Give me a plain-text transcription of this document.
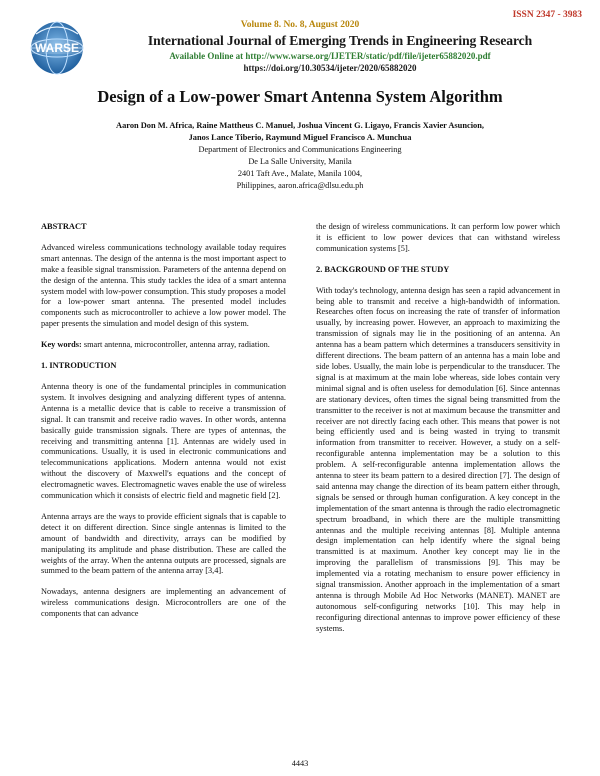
ISSN 2347 - 3983
WARSE
Volume 8. No. 8, August 2020
International Journal of Emerging Trends in Engineering Research
Available Online at http://www.warse.org/IJETER/static/pdf/file/ijeter65882020.pdf
https://doi.org/10.30534/ijeter/2020/65882020
Design of a Low-power Smart Antenna System Algorithm
Aaron Don M. Africa, Raine Mattheus C. Manuel, Joshua Vincent G. Ligayo, Francis Xavier Asuncion,
Janos Lance Tiberio, Raymund Miguel Francisco A. Munchua
Department of Electronics and Communications Engineering
De La Salle University, Manila
2401 Taft Ave., Malate, Manila 1004,
Philippines, aaron.africa@dlsu.edu.ph
ABSTRACT

Advanced wireless communications technology available today requires smart antennas. The design of the antenna is the most important aspect to make a feasible signal transmission. Parameters of the antenna depend on the design of the antenna. This study tackles the idea of a smart antenna system model with low-power consumption. This study proposes a model for a low-power smart antenna. The presented model includes components such as microcontroller to achieve a low power model. The paper presents the simulation and model design of this system.

Key words: smart antenna, microcontroller, antenna array, radiation.

1. INTRODUCTION

Antenna theory is one of the fundamental principles in communication system. It involves designing and analyzing different types of antenna. Antenna is a metallic device that is cable to receive a transmission of signal. It can transmit and receive radio waves. In other words, antenna basically guide transmission signals. There are types of antennas, the receiving and transmitting antenna [1]. Antennas are widely used in communications. Usually, it is used in electronic communications and telecommunications applications. Modern antenna would not exist without the discovery of Maxwell's equations and the concept of electromagnetic waves. Electromagnetic waves enable the use of wireless communication which it consists of electric field and magnetic field [2].

Antenna arrays are the ways to provide efficient signals that is capable to detect it on different direction. Since single antennas is limited to the amount of bandwidth and directivity, arrays can be modified by manipulating its amplitude and phase distribution. These are called the weights of the array. When the antenna outputs are processed, signals are summed to the beam pattern of the antenna array [3,4].

Nowadays, antenna designers are implementing an advancement of wireless communications design. Microcontrollers are one of the components that can advance

the design of wireless communications. It can perform low power which it is efficient to low power devices that can withstand wireless communication systems [5].

2. BACKGROUND OF THE STUDY

With today's technology, antenna design has seen a rapid advancement in being able to transmit and receive a high-bandwidth of information. Researches often focus on increasing the rate of transfer of information usually, by increasing power. However, an approach to maximizing the transmission of signals may lie in the positioning of an antenna. An antenna has a beam pattern which determines a transducers sensitivity in different directions. The beam pattern of an antenna has a main lobe and side lobes. Usually, the main lobe is perpendicular to the transducer. The signal is at maximum at the main lobe whereas, side lobes contain very minimal signal and is often useless for demodulation [6]. Since antennas are stationary devices, often times the signal being transmitted from the transmitter to the receiver is not at maximum because the transmitter and receiver are not directly facing each other. This means that power is not being efficiently used and is being wasted in trying to transmit information from transmitter to receiver. However, a study on a self-reconfigurable antenna implementation may be a solution to this problem. A self-reconfigurable antenna implementation allows the antenna to steer its beam pattern to a desired direction [7]. The design of said antenna may change the direction of its beam pattern either through, signals be sensed or through human configuration. A key concept in the implementation of the smart antenna is through the radio electromagnetic spectrum broadband, in which there are the multiple transmitting antennas and the multiple receiving antennas [8]. Multiple antenna design implementation can help identify where the signal being transmitted is at maximum. Another key concept may lie in the improving the parallelism of transmissions [9]. This may be implemented via a rotating mechanism to ensure power efficiency in signal transmission. Another approach in the implementation of a smart antenna is through Mobile Ad Hoc Networks (MANET). MANET are autonomous self-configuring networks [10]. This may help in reconfiguring directional antennas to improve power efficiency of these systems.

4443
